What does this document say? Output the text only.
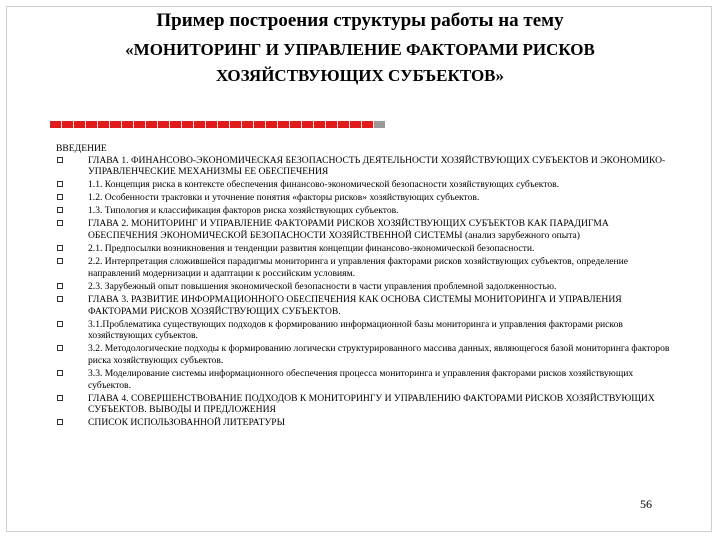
Пример построения структуры работы на тему
«МОНИТОРИНГ И УПРАВЛЕНИЕ ФАКТОРАМИ РИСКОВ
ХОЗЯЙСТВУЮЩИХ СУБЪЕКТОВ»

ВВЕДЕНИЕ

ГЛАВА 1. ФИНАНСОВО-ЭКОНОМИЧЕСКАЯ БЕЗОПАСНОСТЬ ДЕЯТЕЛЬНОСТИ ХОЗЯЙСТВУЮЩИХ СУБЪЕКТОВ И ЭКОНОМИКО-УПРАВЛЕНЧЕСКИЕ МЕХАНИЗМЫ ЕЕ ОБЕСПЕЧЕНИЯ
1.1. Концепция риска в контексте обеспечения финансово-экономической безопасности хозяйствующих субъектов.
1.2. Особенности трактовки и уточнение понятия «факторы рисков» хозяйствующих субъектов.
1.3. Типология и классификация факторов риска хозяйствующих субъектов.
ГЛАВА 2. МОНИТОРИНГ И УПРАВЛЕНИЕ ФАКТОРАМИ РИСКОВ ХОЗЯЙСТВУЮЩИХ СУБЪЕКТОВ КАК ПАРАДИГМА ОБЕСПЕЧЕНИЯ ЭКОНОМИЧЕСКОЙ БЕЗОПАСНОСТИ ХОЗЯЙСТВЕННОЙ СИСТЕМЫ (анализ зарубежного опыта)
2.1. Предпосылки возникновения и тенденции развития концепции финансово-экономической безопасности.
2.2. Интерпретация сложившейся парадигмы мониторинга и управления факторами рисков хозяйствующих субъектов, определение направлений модернизации и адаптации к российским условиям.
2.3. Зарубежный опыт повышения экономической безопасности в части управления проблемной задолженностью.
ГЛАВА 3. РАЗВИТИЕ ИНФОРМАЦИОННОГО ОБЕСПЕЧЕНИЯ КАК ОСНОВА СИСТЕМЫ МОНИТОРИНГА И УПРАВЛЕНИЯ ФАКТОРАМИ РИСКОВ ХОЗЯЙСТВУЮЩИХ СУБЪЕКТОВ.
3.1.Проблематика существующих подходов к формированию информационной базы мониторинга и управления факторами рисков хозяйствующих субъектов.
3.2. Методологические подходы к формированию логически структурированного массива данных, являющегося базой мониторинга факторов риска хозяйствующих субъектов.
3.3. Моделирование системы информационного обеспечения процесса мониторинга и управления факторами рисков хозяйствующих субъектов.
ГЛАВА 4. СОВЕРШЕНСТВОВАНИЕ ПОДХОДОВ К МОНИТОРИНГУ И УПРАВЛЕНИЮ ФАКТОРАМИ РИСКОВ ХОЗЯЙСТВУЮЩИХ СУБЪЕКТОВ. ВЫВОДЫ И ПРЕДЛОЖЕНИЯ
СПИСОК ИСПОЛЬЗОВАННОЙ ЛИТЕРАТУРЫ
56
